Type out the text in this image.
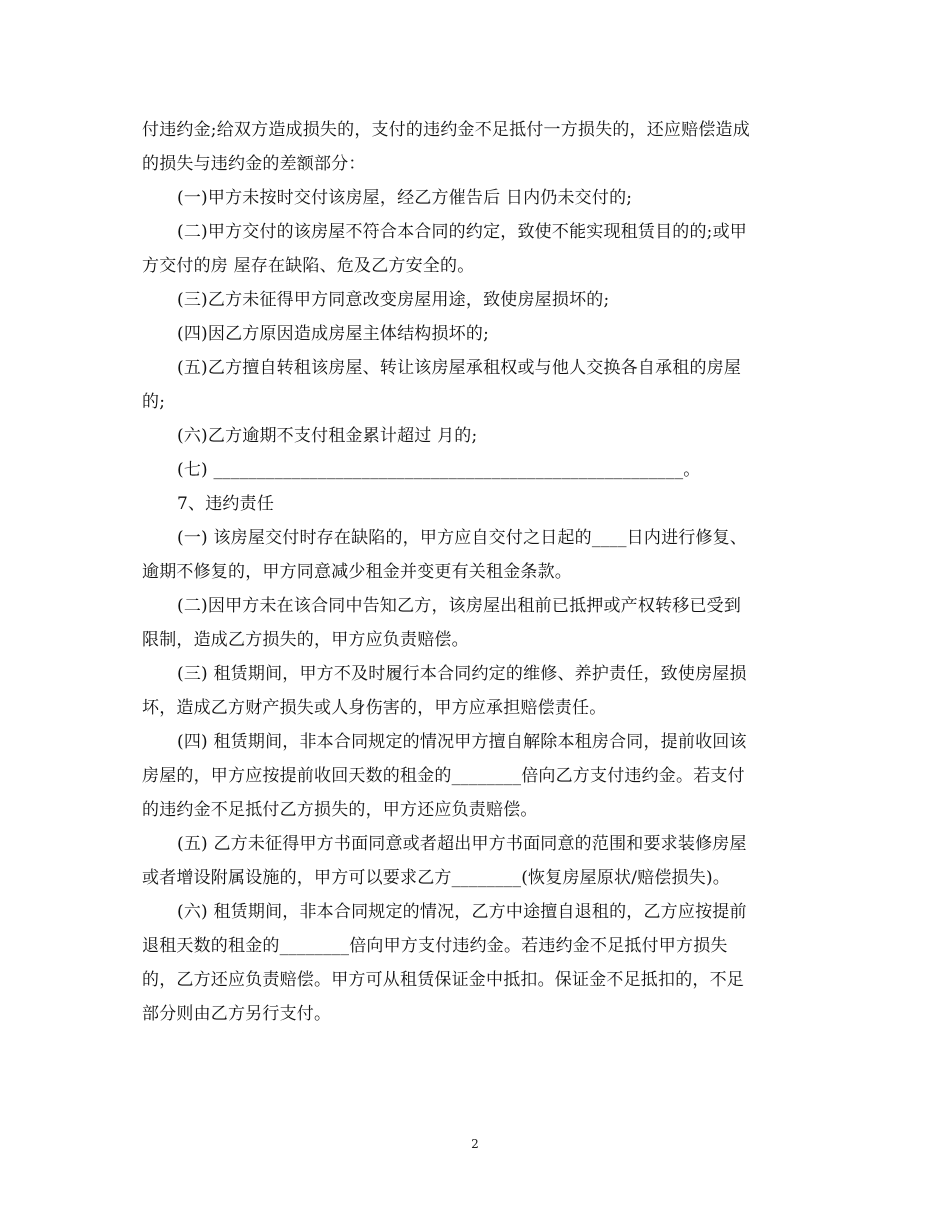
付违约金;给双方造成损失的，支付的违约金不足抵付一方损失的，还应赔偿造成
的损失与违约金的差额部分：
(一)甲方未按时交付该房屋，经乙方催告后 日内仍未交付的;
(二)甲方交付的该房屋不符合本合同的约定，致使不能实现租赁目的的;或甲
方交付的房 屋存在缺陷、危及乙方安全的。
(三)乙方未征得甲方同意改变房屋用途，致使房屋损坏的;
(四)因乙方原因造成房屋主体结构损坏的;
(五)乙方擅自转租该房屋、转让该房屋承租权或与他人交换各自承租的房屋
的;
(六)乙方逾期不支付租金累计超过 月的;
(七) ______________________________________________________。
7、违约责任
(一) 该房屋交付时存在缺陷的，甲方应自交付之日起的____日内进行修复、
逾期不修复的，甲方同意减少租金并变更有关租金条款。
(二)因甲方未在该合同中告知乙方，该房屋出租前已抵押或产权转移已受到
限制，造成乙方损失的，甲方应负责赔偿。
(三) 租赁期间，甲方不及时履行本合同约定的维修、养护责任，致使房屋损
坏，造成乙方财产损失或人身伤害的，甲方应承担赔偿责任。
(四) 租赁期间，非本合同规定的情况甲方擅自解除本租房合同，提前收回该
房屋的，甲方应按提前收回天数的租金的________倍向乙方支付违约金。若支付
的违约金不足抵付乙方损失的，甲方还应负责赔偿。
(五) 乙方未征得甲方书面同意或者超出甲方书面同意的范围和要求装修房屋
或者增设附属设施的，甲方可以要求乙方________(恢复房屋原状/赔偿损失)。
(六) 租赁期间，非本合同规定的情况，乙方中途擅自退租的，乙方应按提前
退租天数的租金的________倍向甲方支付违约金。若违约金不足抵付甲方损失
的，乙方还应负责赔偿。甲方可从租赁保证金中抵扣。保证金不足抵扣的，不足
部分则由乙方另行支付。
2
